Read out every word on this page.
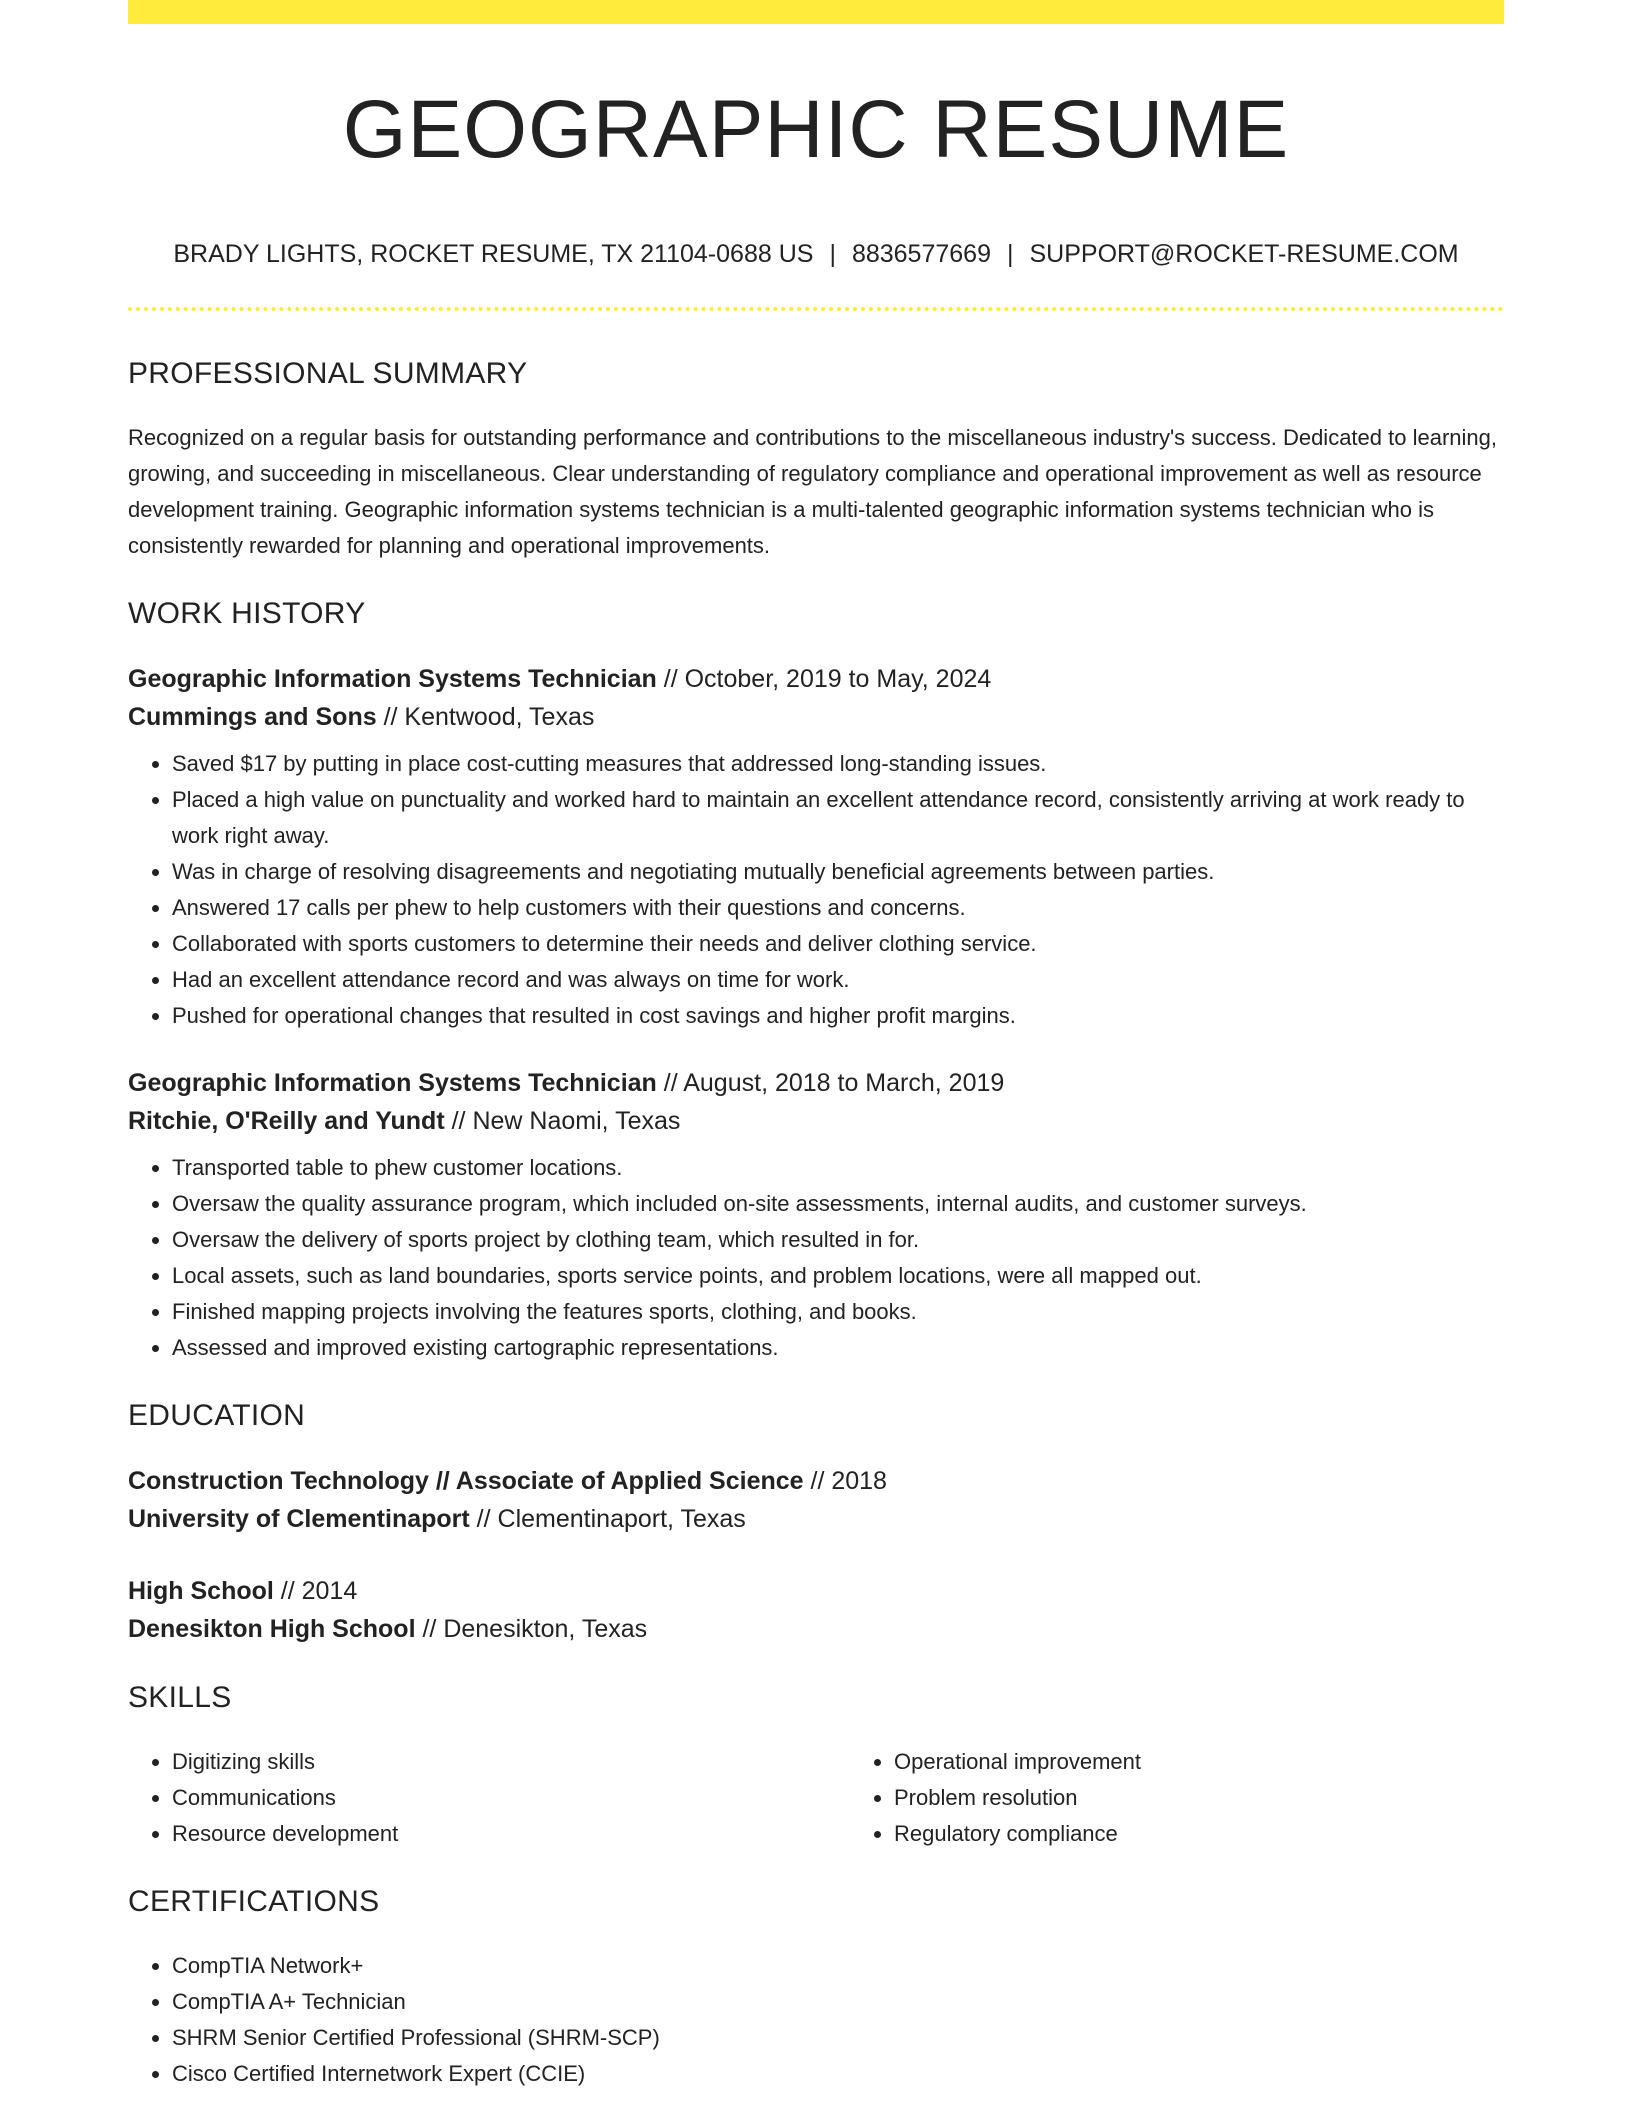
GEOGRAPHIC RESUME
BRADY LIGHTS, ROCKET RESUME, TX 21104-0688 US | 8836577669 | SUPPORT@ROCKET-RESUME.COM
PROFESSIONAL SUMMARY

Recognized on a regular basis for outstanding performance and contributions to the miscellaneous industry's success. Dedicated to learning, growing, and succeeding in miscellaneous. Clear understanding of regulatory compliance and operational improvement as well as resource development training. Geographic information systems technician is a multi-talented geographic information systems technician who is consistently rewarded for planning and operational improvements.

WORK HISTORY

Geographic Information Systems Technician // October, 2019 to May, 2024

Cummings and Sons // Kentwood, Texas

• Saved $17 by putting in place cost-cutting measures that addressed long-standing issues.
• Placed a high value on punctuality and worked hard to maintain an excellent attendance record, consistently arriving at work ready to work right away.
• Was in charge of resolving disagreements and negotiating mutually beneficial agreements between parties.
• Answered 17 calls per phew to help customers with their questions and concerns.
• Collaborated with sports customers to determine their needs and deliver clothing service.
• Had an excellent attendance record and was always on time for work.
• Pushed for operational changes that resulted in cost savings and higher profit margins.

Geographic Information Systems Technician // August, 2018 to March, 2019

Ritchie, O'Reilly and Yundt // New Naomi, Texas

• Transported table to phew customer locations.
• Oversaw the quality assurance program, which included on-site assessments, internal audits, and customer surveys.
• Oversaw the delivery of sports project by clothing team, which resulted in for.
• Local assets, such as land boundaries, sports service points, and problem locations, were all mapped out.
• Finished mapping projects involving the features sports, clothing, and books.
• Assessed and improved existing cartographic representations.
EDUCATION

Construction Technology // Associate of Applied Science // 2018

University of Clementinaport // Clementinaport, Texas

High School // 2014

Denesikton High School // Denesikton, Texas

SKILLS
• Digitizing skills
• Communications
• Resource development
• Operational improvement
• Problem resolution
• Regulatory compliance
CERTIFICATIONS
• CompTIA Network+
• CompTIA A+ Technician
• SHRM Senior Certified Professional (SHRM-SCP)
• Cisco Certified Internetwork Expert (CCIE)
